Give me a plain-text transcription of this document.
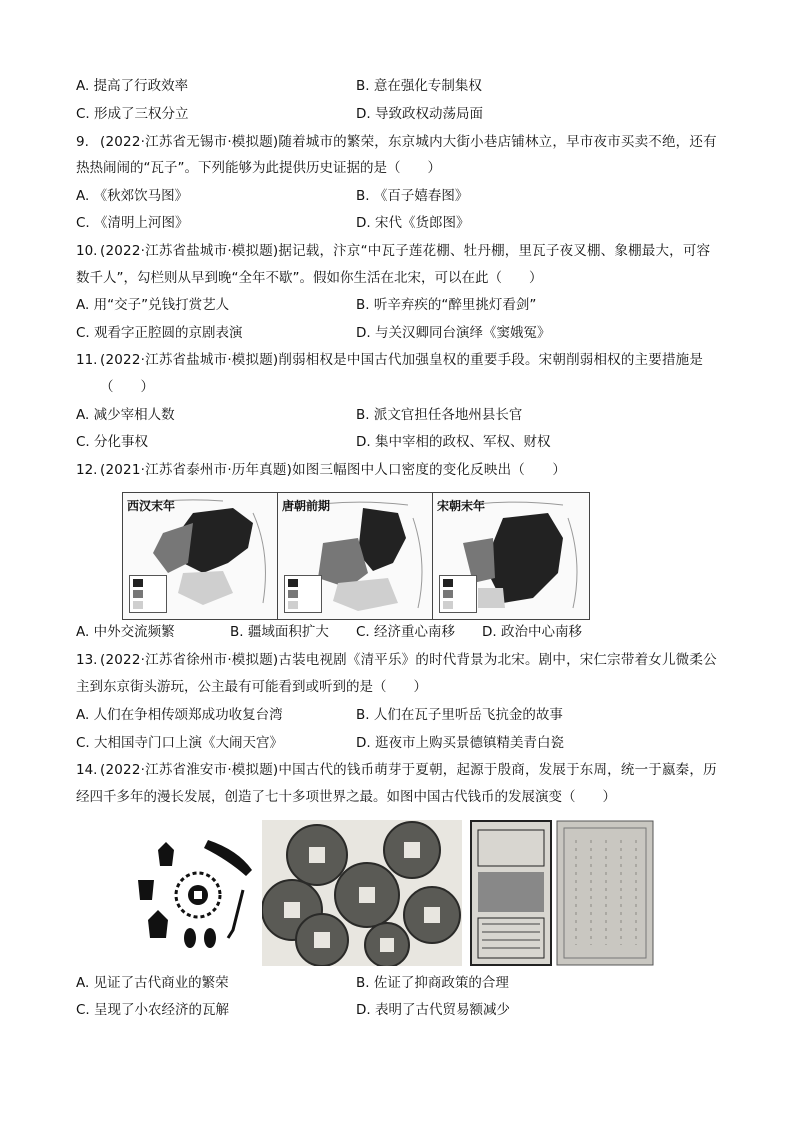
A. 提高了行政效率	B. 意在强化专制集权
C. 形成了三权分立	D. 导致政权动荡局面
9. (2022·江苏省无锡市·模拟题)随着城市的繁荣，东京城内大街小巷店铺林立，早市夜市买卖不绝，还有
热热闹闹的“瓦子”。下列能够为此提供历史证据的是（　　）
A. 《秋郊饮马图》	B. 《百子嬉春图》
C. 《清明上河图》	D. 宋代《货郎图》
10. (2022·江苏省盐城市·模拟题)据记载，汴京“中瓦子莲花棚、牡丹棚，里瓦子夜叉棚、象棚最大，可容
数千人”，勾栏则从早到晚“全年不歇”。假如你生活在北宋，可以在此（　　）
A. 用“交子”兑钱打赏艺人	B. 听辛弃疾的“醉里挑灯看剑”
C. 观看字正腔圆的京剧表演	D. 与关汉卿同台演绎《窦娥冤》
11. (2022·江苏省盐城市·模拟题)削弱相权是中国古代加强皇权的重要手段。宋朝削弱相权的主要措施是
（　　）
A. 减少宰相人数	B. 派文官担任各地州县长官
C. 分化事权	D. 集中宰相的政权、军权、财权
12. (2021·江苏省泰州市·历年真题)如图三幅图中人口密度的变化反映出（　　）
西汉末年	唐朝前期	宋朝末年
A. 中外交流频繁	B. 疆域面积扩大 C. 经济重心南移 D. 政治中心南移
13. (2022·江苏省徐州市·模拟题)古装电视剧《清平乐》的时代背景为北宋。剧中，宋仁宗带着女儿微柔公
主到东京街头游玩，公主最有可能看到或听到的是（　　）
A. 人们在争相传颂郑成功收复台湾	B. 人们在瓦子里听岳飞抗金的故事
C. 大相国寺门口上演《大闹天宫》	D. 逛夜市上购买景德镇精美青白瓷
14. (2022·江苏省淮安市·模拟题)中国古代的钱币萌芽于夏朝，起源于殷商，发展于东周，统一于嬴秦，历
经四千多年的漫长发展，创造了七十多项世界之最。如图中国古代钱币的发展演变（　　）
A. 见证了古代商业的繁荣	B. 佐证了抑商政策的合理
C. 呈现了小农经济的瓦解	D. 表明了古代贸易额减少
